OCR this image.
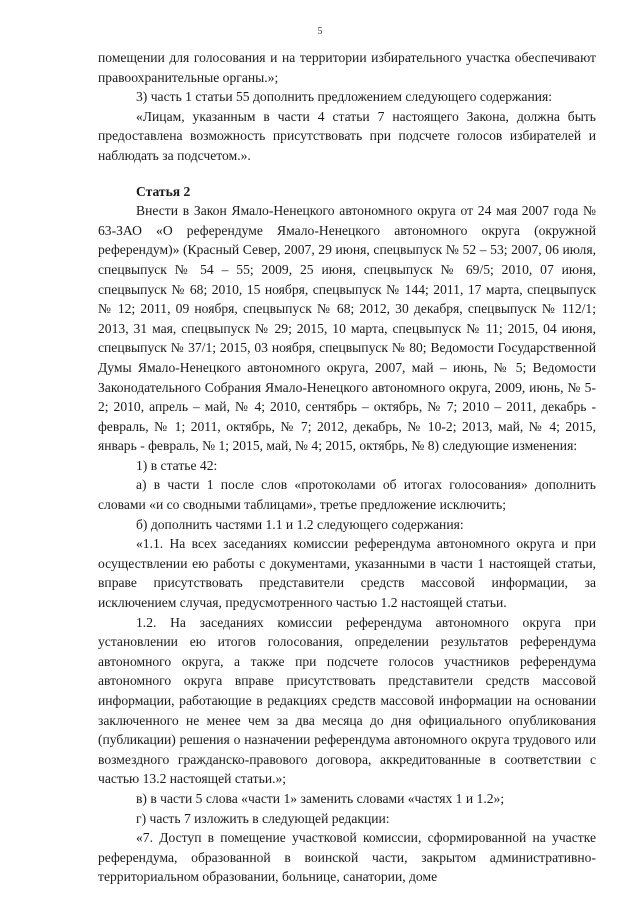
5

помещении для голосования и на территории избирательного участка обеспечивают правоохранительные органы.»;

3) часть 1 статьи 55 дополнить предложением следующего содержания:

«Лицам, указанным в части 4 статьи 7 настоящего Закона, должна быть предоставлена возможность присутствовать при подсчете голосов избирателей и наблюдать за подсчетом.».

Статья 2

Внести в Закон Ямало-Ненецкого автономного округа от 24 мая 2007 года № 63-ЗАО «О референдуме Ямало-Ненецкого автономного округа (окружной референдум)» (Красный Север, 2007, 29 июня, спецвыпуск № 52 – 53; 2007, 06 июля, спецвыпуск № 54 – 55; 2009, 25 июня, спецвыпуск № 69/5; 2010, 07 июня, спецвыпуск № 68; 2010, 15 ноября, спецвыпуск № 144; 2011, 17 марта, спецвыпуск № 12; 2011, 09 ноября, спецвыпуск № 68; 2012, 30 декабря, спецвыпуск № 112/1; 2013, 31 мая, спецвыпуск № 29; 2015, 10 марта, спецвыпуск № 11; 2015, 04 июня, спецвыпуск № 37/1; 2015, 03 ноября, спецвыпуск № 80; Ведомости Государственной Думы Ямало-Ненецкого автономного округа, 2007, май – июнь, № 5; Ведомости Законодательного Собрания Ямало-Ненецкого автономного округа, 2009, июнь, № 5-2; 2010, апрель – май, № 4; 2010, сентябрь – октябрь, № 7; 2010 – 2011, декабрь - февраль, № 1; 2011, октябрь, № 7; 2012, декабрь, № 10-2; 2013, май, № 4; 2015, январь - февраль, № 1; 2015, май, № 4; 2015, октябрь, № 8) следующие изменения:

1) в статье 42:

а) в части 1 после слов «протоколами об итогах голосования» дополнить словами «и со сводными таблицами», третье предложение исключить;

б) дополнить частями 1.1 и 1.2 следующего содержания:

«1.1. На всех заседаниях комиссии референдума автономного округа и при осуществлении ею работы с документами, указанными в части 1 настоящей статьи, вправе присутствовать представители средств массовой информации, за исключением случая, предусмотренного частью 1.2 настоящей статьи.

1.2. На заседаниях комиссии референдума автономного округа при установлении ею итогов голосования, определении результатов референдума автономного округа, а также при подсчете голосов участников референдума автономного округа вправе присутствовать представители средств массовой информации, работающие в редакциях средств массовой информации на основании заключенного не менее чем за два месяца до дня официального опубликования (публикации) решения о назначении референдума автономного округа трудового или возмездного гражданско-правового договора, аккредитованные в соответствии с частью 13.2 настоящей статьи.»;

в) в части 5 слова «части 1» заменить словами «частях 1 и 1.2»;

г) часть 7 изложить в следующей редакции:

«7. Доступ в помещение участковой комиссии, сформированной на участке референдума, образованной в воинской части, закрытом административно-территориальном образовании, больнице, санатории, доме
